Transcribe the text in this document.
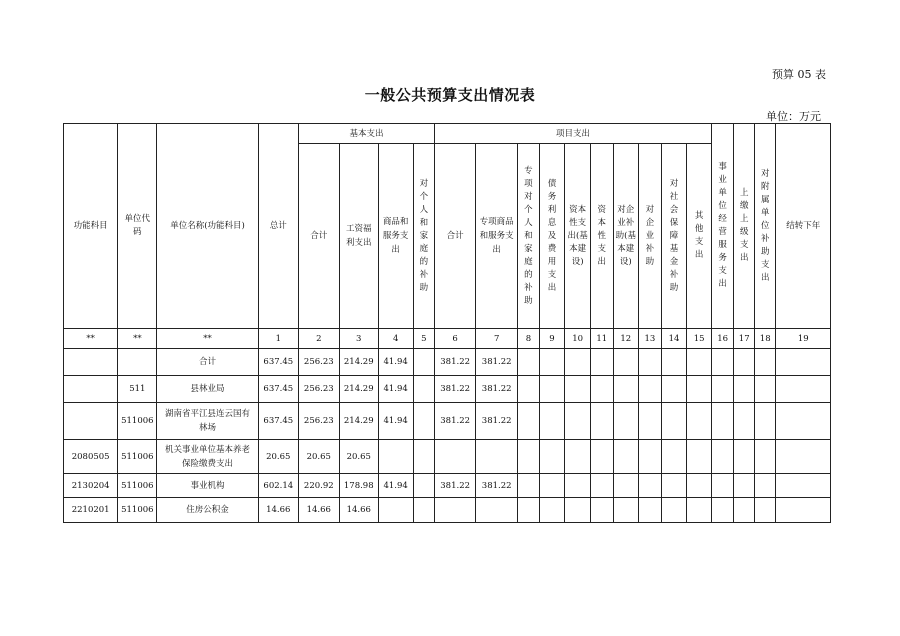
预算 05 表
一般公共预算支出情况表
单位：万元
功能科目	单位代码	单位名称(功能科目)	总计	基本支出				项目支出										事业单位经营服务支出	上缴上级支出	对附属单位补助支出	结转下年
				合计	工资福利支出	商品和服务支出	对个人和家庭的补助	合计	专项商品和服务支出	专项对个人和家庭的补助	债务利息及费用支出	资本性支出(基本建设)	资本性支出	对企业补助(基本建设)	对企业补助	对社会保障基金补助	其他支出				
**	**	**	1	2	3	4	5	6	7	8	9	10	11	12	13	14	15	16	17	18	19
		合计	637.45	256.23	214.29	41.94		381.22	381.22												
	511	县林业局	637.45	256.23	214.29	41.94		381.22	381.22												
	511006	湖南省平江县连云国有林场	637.45	256.23	214.29	41.94		381.22	381.22												
2080505	511006	机关事业单位基本养老保险缴费支出	20.65	20.65	20.65																
2130204	511006	事业机构	602.14	220.92	178.98	41.94		381.22	381.22												
2210201	511006	住房公积金	14.66	14.66	14.66																
